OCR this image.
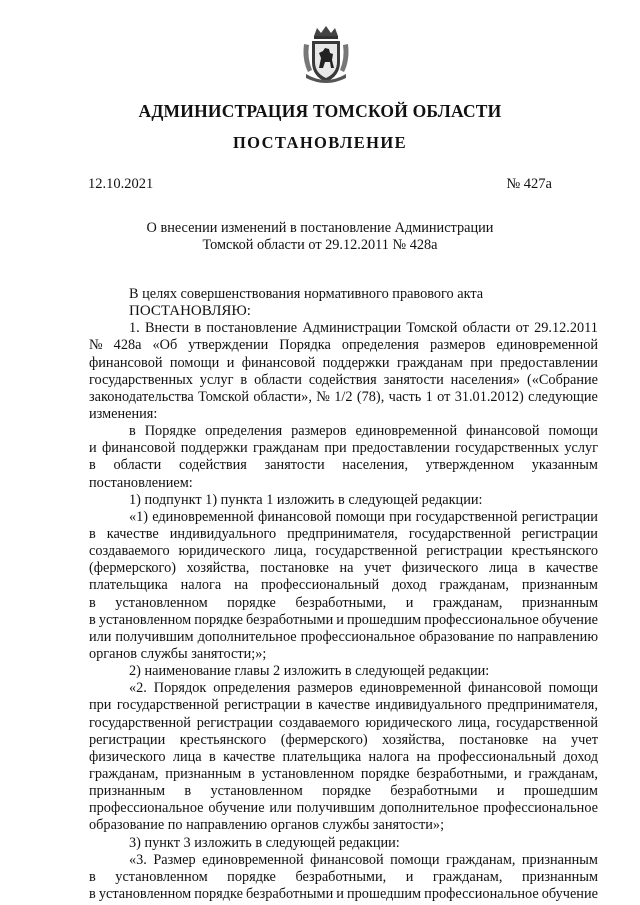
АДМИНИСТРАЦИЯ ТОМСКОЙ ОБЛАСТИ
ПОСТАНОВЛЕНИЕ
12.10.2021	№ 427а
О внесении изменений в постановление Администрации
Томской области от 29.12.2011 № 428а
В целях совершенствования нормативного правового акта
ПОСТАНОВЛЯЮ:
1. Внести в постановление Администрации Томской области от 29.12.2011
№ 428а «Об утверждении Порядка определения размеров единовременной
финансовой помощи и финансовой поддержки гражданам при предоставлении
государственных услуг в области содействия занятости населения» («Собрание
законодательства Томской области», № 1/2 (78), часть 1 от 31.01.2012) следующие
изменения:
в Порядке определения размеров единовременной финансовой помощи
и финансовой поддержки гражданам при предоставлении государственных услуг
в области содействия занятости населения, утвержденном указанным
постановлением:
1) подпункт 1) пункта 1 изложить в следующей редакции:
«1) единовременной финансовой помощи при государственной регистрации
в качестве индивидуального предпринимателя, государственной регистрации
создаваемого юридического лица, государственной регистрации крестьянского
(фермерского) хозяйства, постановке на учет физического лица в качестве
плательщика налога на профессиональный доход гражданам, признанным
в установленном порядке безработными, и гражданам, признанным
в установленном порядке безработными и прошедшим профессиональное обучение
или получившим дополнительное профессиональное образование по направлению
органов службы занятости;»;
2) наименование главы 2 изложить в следующей редакции:
«2. Порядок определения размеров единовременной финансовой помощи
при государственной регистрации в качестве индивидуального предпринимателя,
государственной регистрации создаваемого юридического лица, государственной
регистрации крестьянского (фермерского) хозяйства, постановке на учет
физического лица в качестве плательщика налога на профессиональный доход
гражданам, признанным в установленном порядке безработными, и гражданам,
признанным в установленном порядке безработными и прошедшим
профессиональное обучение или получившим дополнительное профессиональное
образование по направлению органов службы занятости»;
3) пункт 3 изложить в следующей редакции:
«3. Размер единовременной финансовой помощи гражданам, признанным
в установленном порядке безработными, и гражданам, признанным
в установленном порядке безработными и прошедшим профессиональное обучение
